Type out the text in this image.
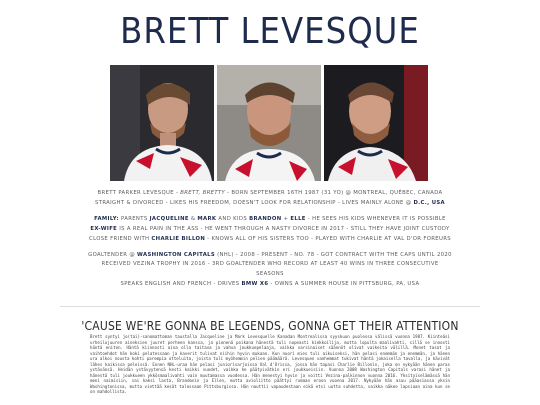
BRETT LEVESQUE

BRETT PARKER LEVESQUE - BRETT, BRETTY - BORN SEPTEMBER 16TH 1987 (31 YO) @ MONTREAL, QUÉBEC, CANADA

STRAIGHT & DIVORCED - LIKES HIS FREEDOM, DOESN'T LOOK FOR RELATIONSHIP - LIVES MAINLY ALONE @ D.C., USA

FAMILY: PARENTS JACQUELINE & MARK AND KIDS BRANDON + ELLE - HE SEES HIS KIDS WHENEVER IT IS POSSIBLE

EX-WIFE IS A REAL PAIN IN THE ASS - HE WENT THROUGH A NASTY DIVORCE IN 2017 - STILL THEY HAVE JOINT CUSTODY

CLOSE FRIEND WITH CHARLIE BILLON - KNOWS ALL OF HIS SISTERS TOO - PLAYED WITH CHARLIE AT VAL D'OR FOREURS

GOALTENDER @ WASHINGTON CAPITALS (NHL) - 2008 - PRESENT - NO. 78 - GOT CONTRACT WITH THE CAPS UNTIL 2020

RECEIVED VEZINA TROPHY IN 2016 - 3RD GOALTENDER WHO RECORD AT LEAST 40 WINS IN THREE CONSECUTIVE

SEASONS

SPEAKS ENGLISH AND FRENCH - DRIVES BMW X6 - OWNS A SUMMER HOUSE IN PITTSBURG, PA, USA

'CAUSE WE'RE GONNA BE LEGENDS, GONNA GET THEIR ATTENTION
Brett syntyi jo(tai)-sanomattoman taustalla Jacqueline ja Mark Levesquelle Kanadan Montrealissa syyskuun puolessa välissä vuonna 1987. Kiinteäsi urheilujuuren aineksien juuret perheen kanssa, ja pienenä poikana hänestä tuli nopeasti kiekkoilija, mutta lopulta maalivahti, sillä se innosti häntä eniten. Häntä kiinnosti aina olla taitava ja vahva joukkuepelaaja, vaikka varsinaiset säännöt olivat vaikeita välillä. Monet tasot ja vaihtoehdot hän koki pelatessaan ja kaverit tulivat niihin hyvin mukaan. Kun nuori mies tuli aikuiseksi, hän pelasi enemmän ja enemmän, ja hänen ura alkoi nousta kohti parempia otteluita, joista tuli myöhemmin pelien päämäärä. Levesquen vanhemmat tukivat häntä jokaisella tavalla, ja kävivät lähes kaikissa peleissä. Ennen NHL-uraa hän pelasi juniorisarjoissa Val d'Orissa, jossa hän tapasi Charlie Billonin, joka on nykyään hänen paras ystävänsä. Heidän ystävyytensä kesti kaikki vuodet, vaikka he päätyivätkin eri joukkueisiin. Vuonna 2008 Washington Capitals varasi hänet ja hänestä tuli joukkueen ykkösmaalivahti vain muutamassa vuodessa. Hän menestyi hyvin ja voitti Vezina-palkinnon vuonna 2016. Yksityiselämässä hän meni naimisiin, sai kaksi lasta, Brandonin ja Ellen, mutta avioliitto päättyi rumaan eroon vuonna 2017. Nykyään hän asuu pääasiassa yksin Washingtonissa, mutta viettää kesät talossaan Pittsburgissa. Hän nauttii vapaudestaan eikä etsi uutta suhdetta, vaikka näkee lapsiaan aina kun se on mahdollista.
